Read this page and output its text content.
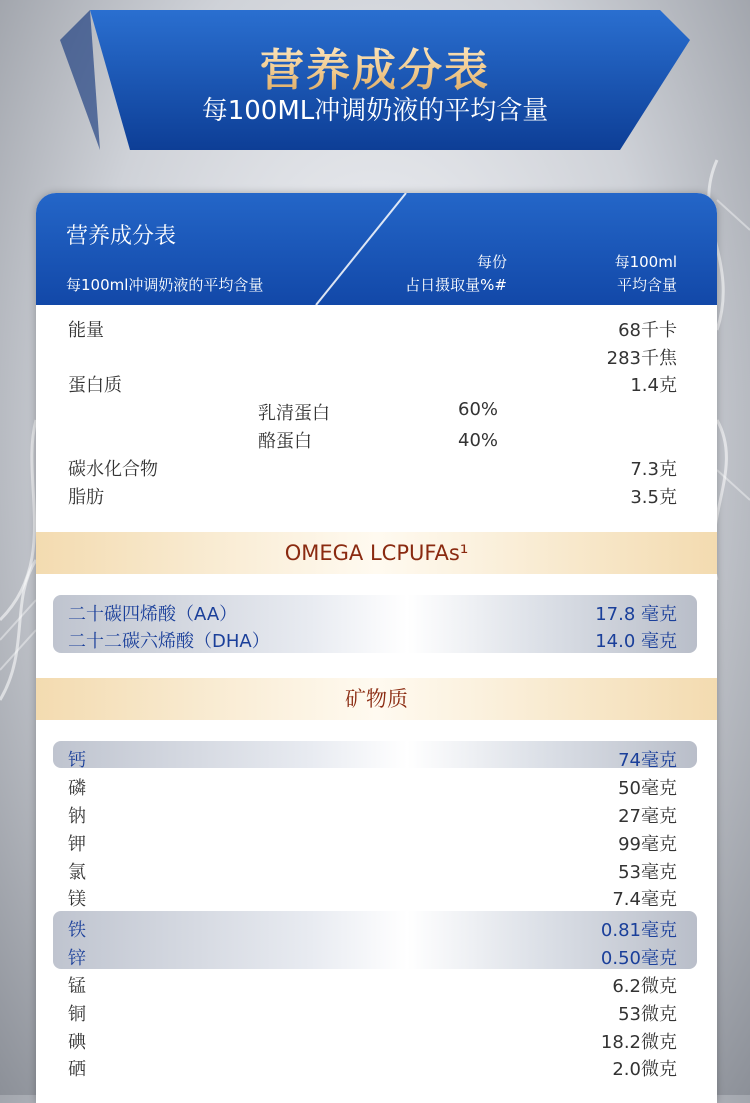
营养成分表
每100ML冲调奶液的平均含量
营养成分表
每100ml冲调奶液的平均含量
每份
占日摄取量%#
每100ml
平均含量
能量	68千卡
283千焦
蛋白质	1.4克
乳清蛋白	60%
酪蛋白	40%
碳水化合物	7.3克
脂肪	3.5克
OMEGA LCPUFAs¹
二十碳四烯酸（AA）	17.8 毫克
二十二碳六烯酸（DHA）	14.0 毫克
矿物质
钙	74毫克
磷	50毫克
钠	27毫克
钾	99毫克
氯	53毫克
镁	7.4毫克
铁	0.81毫克
锌	0.50毫克
锰	6.2微克
铜	53微克
碘	18.2微克
硒	2.0微克
